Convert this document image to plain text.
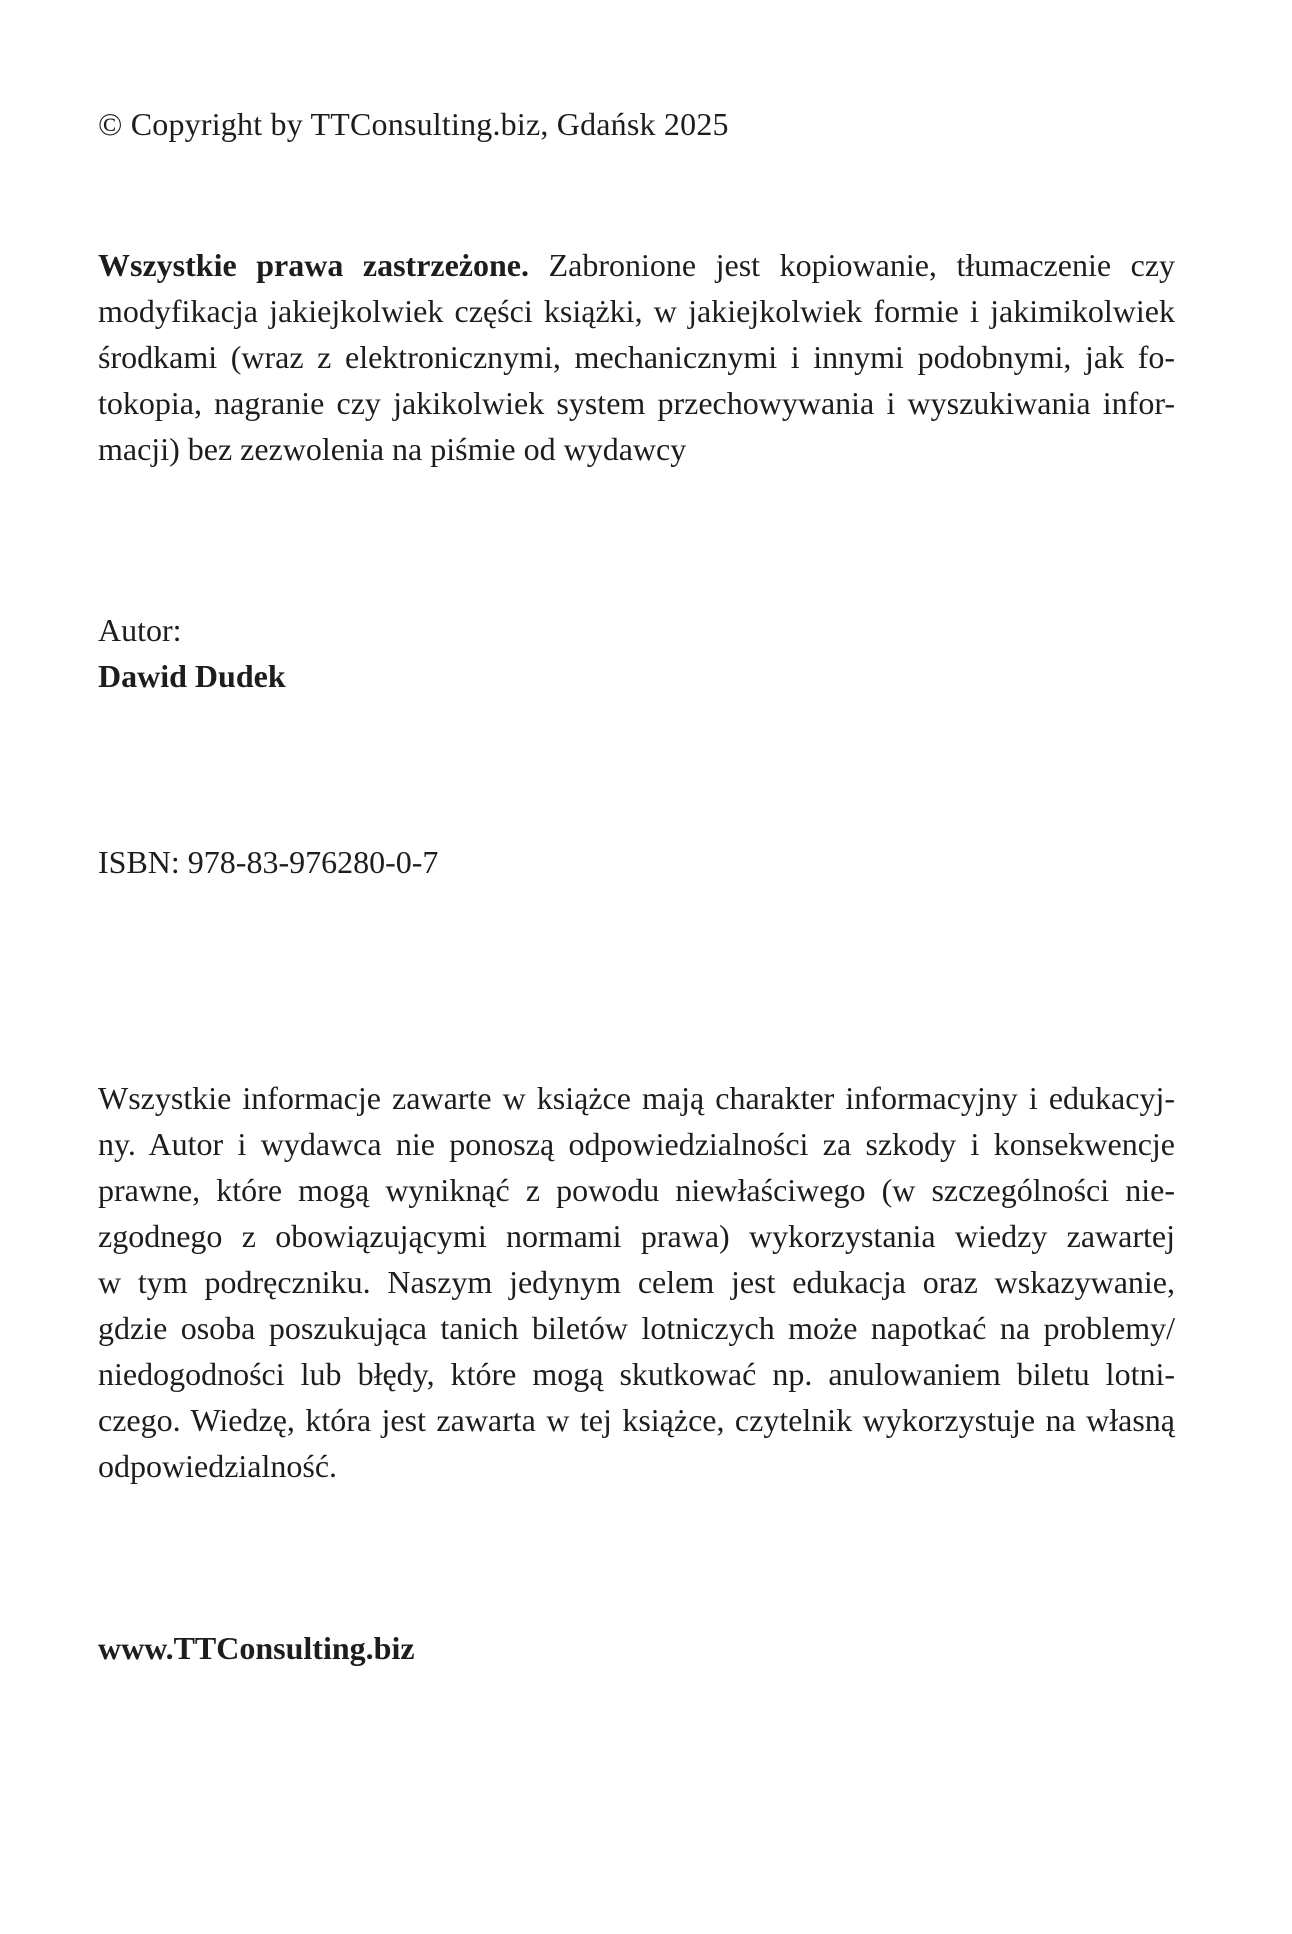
© Copyright by TTConsulting.biz, Gdańsk 2025
Wszystkie prawa zastrzeżone. Zabronione jest kopiowanie, tłumaczenie czy
modyfikacja jakiejkolwiek części książki, w jakiejkolwiek formie i jakimikolwiek
środkami (wraz z elektronicznymi, mechanicznymi i innymi podobnymi, jak fo-
tokopia, nagranie czy jakikolwiek system przechowywania i wyszukiwania infor-
macji) bez zezwolenia na piśmie od wydawcy
Autor:
Dawid Dudek
ISBN: 978-83-976280-0-7
Wszystkie informacje zawarte w książce mają charakter informacyjny i edukacyj-
ny. Autor i wydawca nie ponoszą odpowiedzialności za szkody i konsekwencje
prawne, które mogą wyniknąć z powodu niewłaściwego (w szczególności nie-
zgodnego z obowiązującymi normami prawa) wykorzystania wiedzy zawartej
w tym podręczniku. Naszym jedynym celem jest edukacja oraz wskazywanie,
gdzie osoba poszukująca tanich biletów lotniczych może napotkać na problemy/
niedogodności lub błędy, które mogą skutkować np. anulowaniem biletu lotni-
czego. Wiedzę, która jest zawarta w tej książce, czytelnik wykorzystuje na własną
odpowiedzialność.
www.TTConsulting.biz
